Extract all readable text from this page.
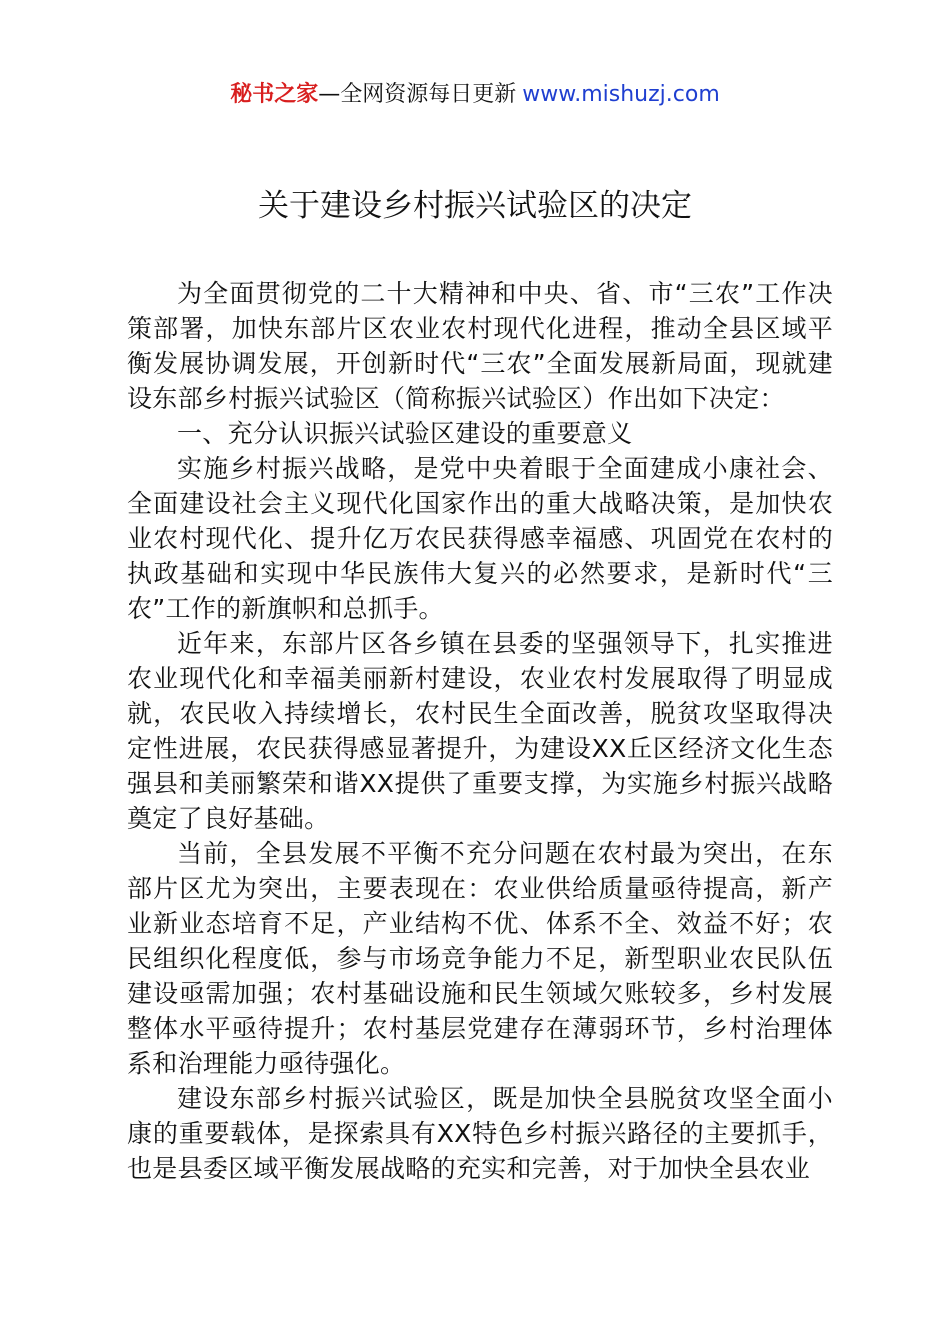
秘书之家—全网资源每日更新 www.mishuzj.com
关于建设乡村振兴试验区的决定

为全面贯彻党的二十大精神和中央、省、市“三农”工作决策部署，加快东部片区农业农村现代化进程，推动全县区域平衡发展协调发展，开创新时代“三农”全面发展新局面，现就建设东部乡村振兴试验区（简称振兴试验区）作出如下决定：

一、充分认识振兴试验区建设的重要意义

实施乡村振兴战略，是党中央着眼于全面建成小康社会、全面建设社会主义现代化国家作出的重大战略决策，是加快农业农村现代化、提升亿万农民获得感幸福感、巩固党在农村的执政基础和实现中华民族伟大复兴的必然要求，是新时代“三农”工作的新旗帜和总抓手。

近年来，东部片区各乡镇在县委的坚强领导下，扎实推进农业现代化和幸福美丽新村建设，农业农村发展取得了明显成就，农民收入持续增长，农村民生全面改善，脱贫攻坚取得决定性进展，农民获得感显著提升，为建设XX丘区经济文化生态强县和美丽繁荣和谐XX提供了重要支撑，为实施乡村振兴战略奠定了良好基础。

当前，全县发展不平衡不充分问题在农村最为突出，在东部片区尤为突出，主要表现在：农业供给质量亟待提高，新产业新业态培育不足，产业结构不优、体系不全、效益不好；农民组织化程度低，参与市场竞争能力不足，新型职业农民队伍建设亟需加强；农村基础设施和民生领域欠账较多，乡村发展整体水平亟待提升；农村基层党建存在薄弱环节，乡村治理体系和治理能力亟待强化。

建设东部乡村振兴试验区，既是加快全县脱贫攻坚全面小康的重要载体，是探索具有XX特色乡村振兴路径的主要抓手，也是县委区域平衡发展战略的充实和完善，对于加快全县农业
